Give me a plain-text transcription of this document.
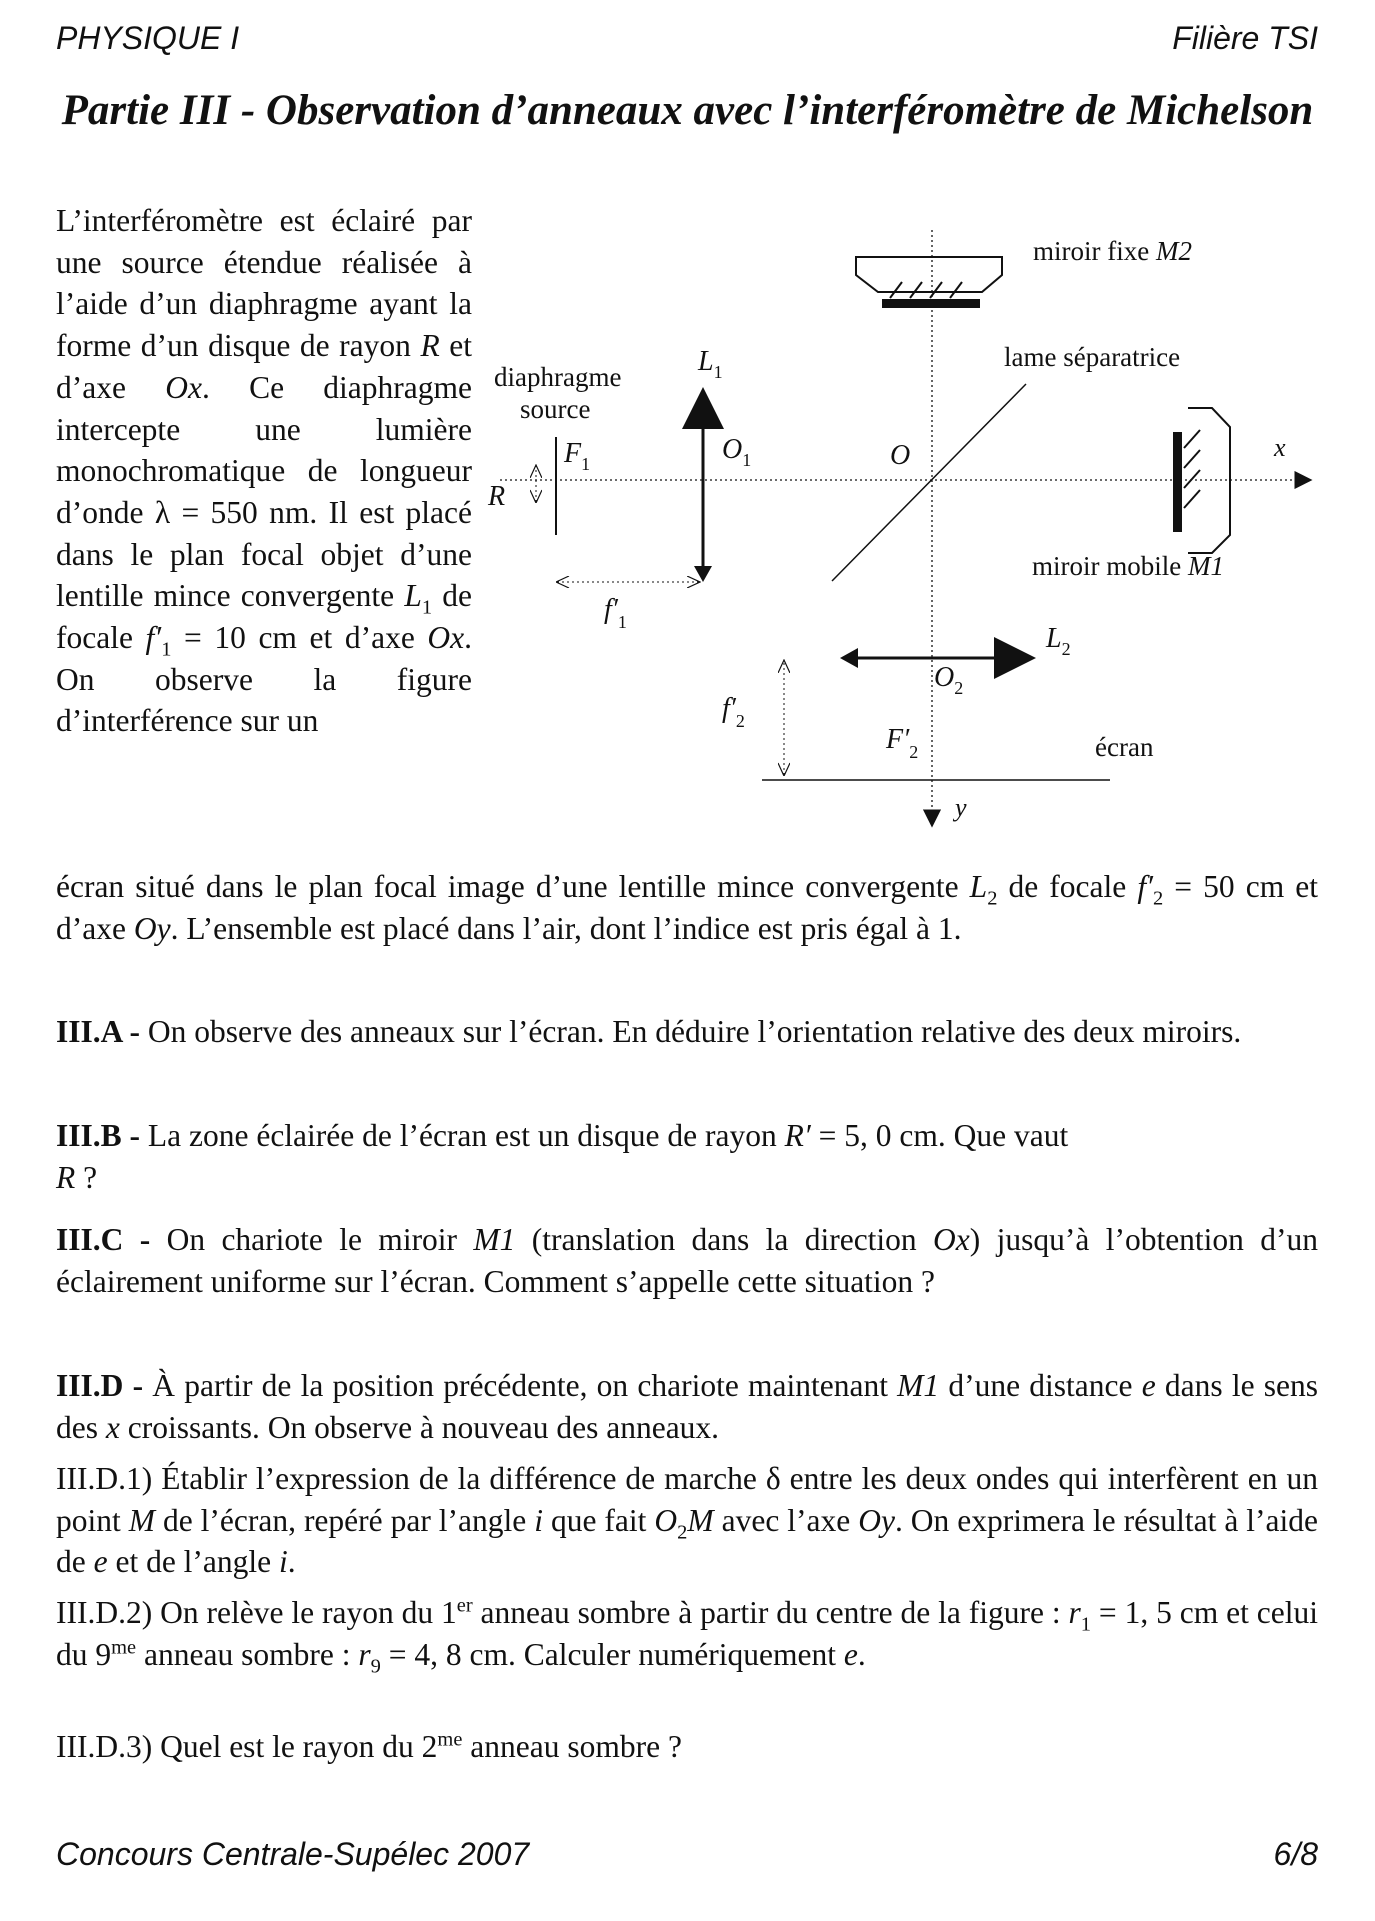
PHYSIQUE I	Filière TSI
Partie III - Observation d’anneaux avec l’interféromètre de Michelson
L’interféromètre est éclairé par une source étendue réalisée à l’aide d’un diaphragme ayant la forme d’un disque de rayon R et d’axe Ox. Ce diaphragme intercepte une lumière monochromatique de longueur d’onde λ = 550 nm. Il est placé dans le plan focal objet d’une lentille mince convergente $L_1$ de focale $f'_1 = 10$ cm et d’axe Ox. On observe la figure d’interférence sur un
miroir fixe M2
lame séparatrice
diaphragme
source
$L_1$
$O_1$	O	x
$F_1$
R
$f'_1$
miroir mobile M1
$L_2$
$O_2$
$f'_2$
$F'_2$	écran
y
écran situé dans le plan focal image d’une lentille mince convergente $L_2$ de focale $f'_2 = 50$ cm et d’axe Oy. L’ensemble est placé dans l’air, dont l’indice est pris égal à 1.
III.A - On observe des anneaux sur l’écran. En déduire l’orientation relative des deux miroirs.
III.B - La zone éclairée de l’écran est un disque de rayon R′ = 5, 0 cm. Que vaut
R ?
III.C - On chariote le miroir M1 (translation dans la direction Ox) jusqu’à l’obtention d’un éclairement uniforme sur l’écran. Comment s’appelle cette situation ?
III.D - À partir de la position précédente, on chariote maintenant M1 d’une distance e dans le sens des x croissants. On observe à nouveau des anneaux.
III.D.1) Établir l’expression de la différence de marche δ entre les deux ondes qui interfèrent en un point M de l’écran, repéré par l’angle i que fait $O_2M$ avec l’axe Oy. On exprimera le résultat à l’aide de e et de l’angle i.
III.D.2) On relève le rayon du 1er anneau sombre à partir du centre de la figure : $r_1 = 1$, 5 cm et celui du $9^{me}$ anneau sombre : $r_9 = 4$, 8 cm. Calculer numériquement e.
III.D.3) Quel est le rayon du $2^{me}$ anneau sombre ?
Concours Centrale-Supélec 2007	6/8
